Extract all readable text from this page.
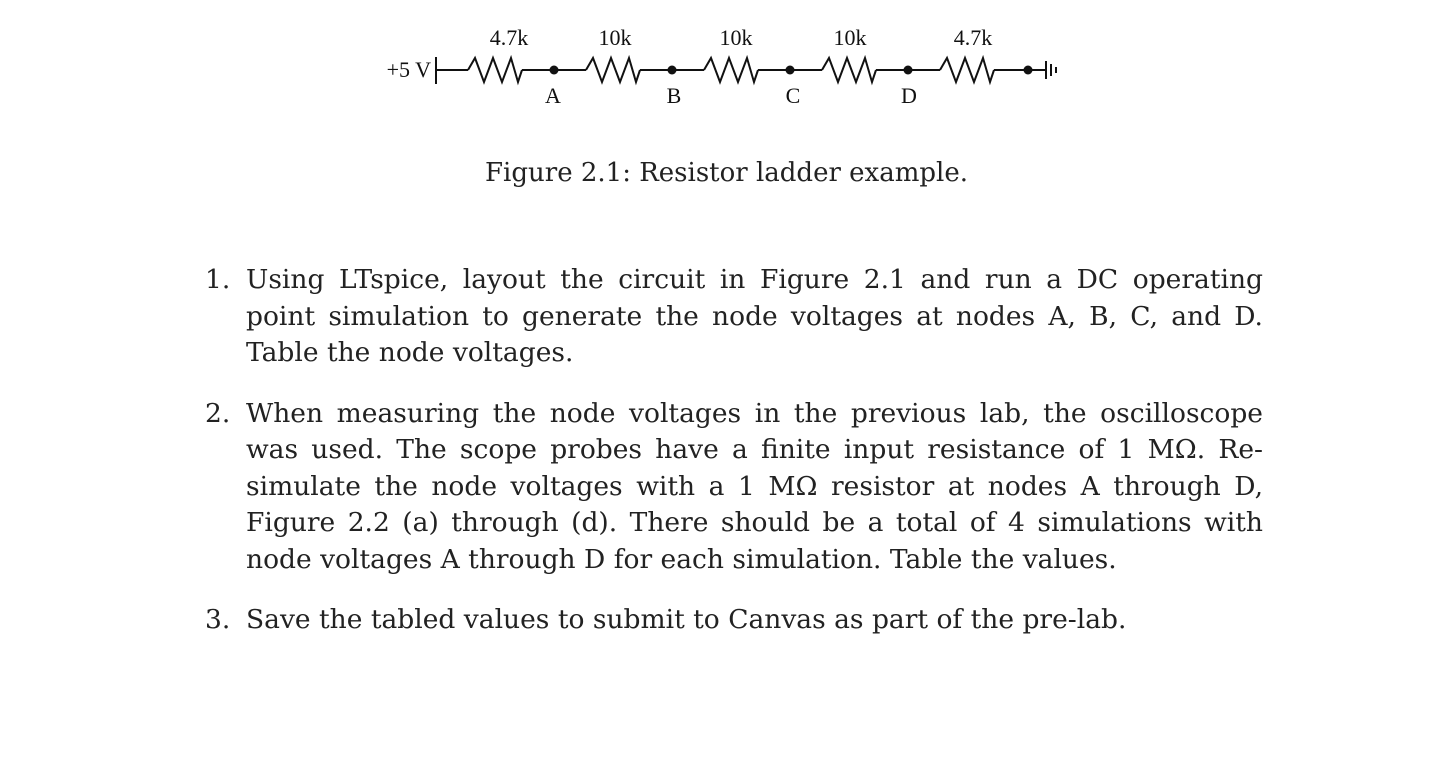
+5 V
4.7k	10k	10k	10k	4.7k
A	B	C	D
Figure 2.1: Resistor ladder example.
1. Using LTspice, layout the circuit in Figure 2.1 and run a DC operating point simulation to generate the node voltages at nodes A, B, C, and D. Table the node voltages.
2. When measuring the node voltages in the previous lab, the oscilloscope was used. The scope probes have a finite input resistance of 1 MΩ. Re-simulate the node voltages with a 1 MΩ resistor at nodes A through D, Figure 2.2 (a) through (d). There should be a total of 4 simulations with node voltages A through D for each simulation. Table the values.
3. Save the tabled values to submit to Canvas as part of the pre-lab.
